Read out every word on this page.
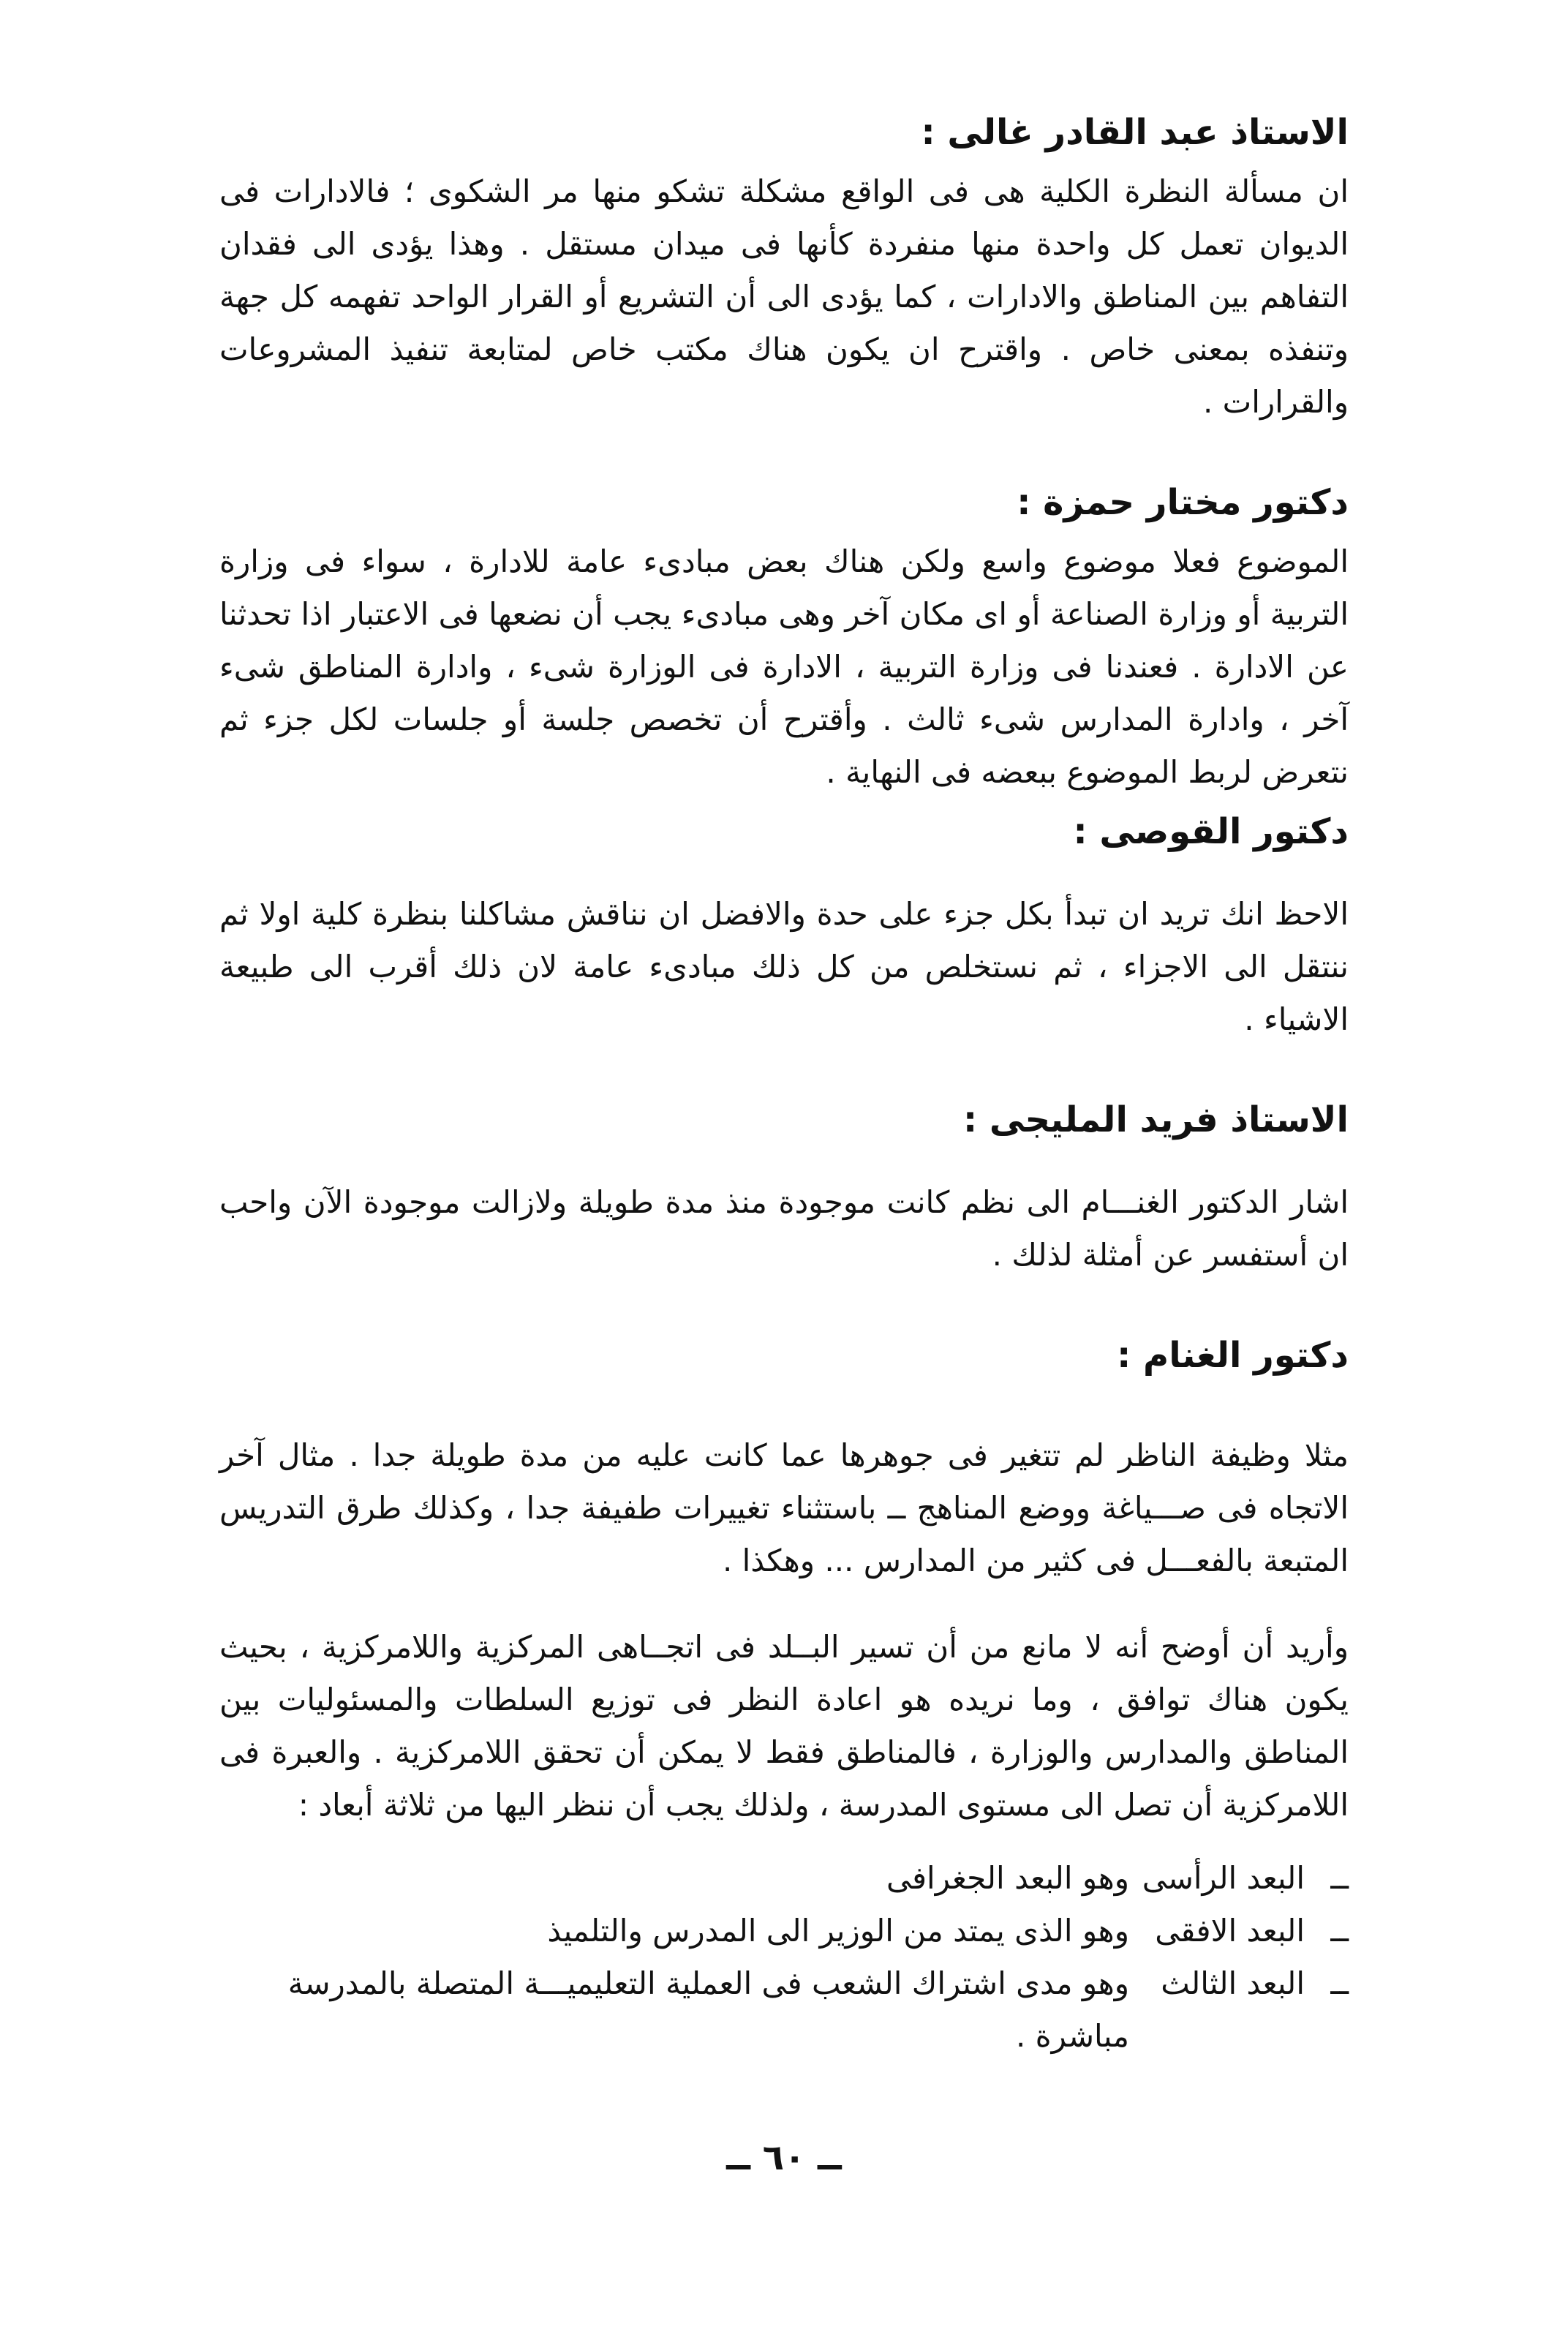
الاستاذ عبد القادر غالى :

ان مسألة النظرة الكلية هى فى الواقع مشكلة تشكو منها مر الشكوى ؛ فالادارات فى الديوان تعمل كل واحدة منها منفردة كأنها فى ميدان مستقل . وهذا يؤدى الى فقدان التفاهم بين المناطق والادارات ، كما يؤدى الى أن التشريع أو القرار الواحد تفهمه كل جهة وتنفذه بمعنى خاص . واقترح ان يكون هناك مكتب خاص لمتابعة تنفيذ المشروعات والقرارات .

دكتور مختار حمزة :

الموضوع فعلا موضوع واسع ولكن هناك بعض مبادىء عامة للادارة ، سواء فى وزارة التربية أو وزارة الصناعة أو اى مكان آخر وهى مبادىء يجب أن نضعها فى الاعتبار اذا تحدثنا عن الادارة . فعندنا فى وزارة التربية ، الادارة فى الوزارة شىء ، وادارة المناطق شىء آخر ، وادارة المدارس شىء ثالث . وأقترح أن تخصص جلسة أو جلسات لكل جزء ثم نتعرض لربط الموضوع ببعضه فى النهاية .

دكتور القوصى :

الاحظ انك تريد ان تبدأ بكل جزء على حدة والافضل ان نناقش مشاكلنا بنظرة كلية اولا ثم ننتقل الى الاجزاء ، ثم نستخلص من كل ذلك مبادىء عامة لان ذلك أقرب الى طبيعة الاشياء .

الاستاذ فريد المليجى :

اشار الدكتور الغنـــام الى نظم كانت موجودة منذ مدة طويلة ولازالت موجودة الآن واحب ان أستفسر عن أمثلة لذلك .

دكتور الغنام :

مثلا وظيفة الناظر لم تتغير فى جوهرها عما كانت عليه من مدة طويلة جدا . مثال آخر الاتجاه فى صـــياغة ووضع المناهج ــ باستثناء تغييرات طفيفة جدا ، وكذلك طرق التدريس المتبعة بالفعـــل فى كثير من المدارس ... وهكذا .

وأريد أن أوضح أنه لا مانع من أن تسير البــلد فى اتجــاهى المركزية واللامركزية ، بحيث يكون هناك توافق ، وما نريده هو اعادة النظر فى توزيع السلطات والمسئوليات بين المناطق والمدارس والوزارة ، فالمناطق فقط لا يمكن أن تحقق اللامركزية . والعبرة فى اللامركزية أن تصل الى مستوى المدرسة ، ولذلك يجب أن ننظر اليها من ثلاثة أبعاد :

ــ
البعد الرأسى
وهو البعد الجغرافى
ــ
البعد الافقى
وهو الذى يمتد من الوزير الى المدرس والتلميذ
ــ
البعد الثالث
وهو مدى اشتراك الشعب فى العملية التعليميـــة المتصلة بالمدرسة مباشرة .
ــ ٦٠ ــ
